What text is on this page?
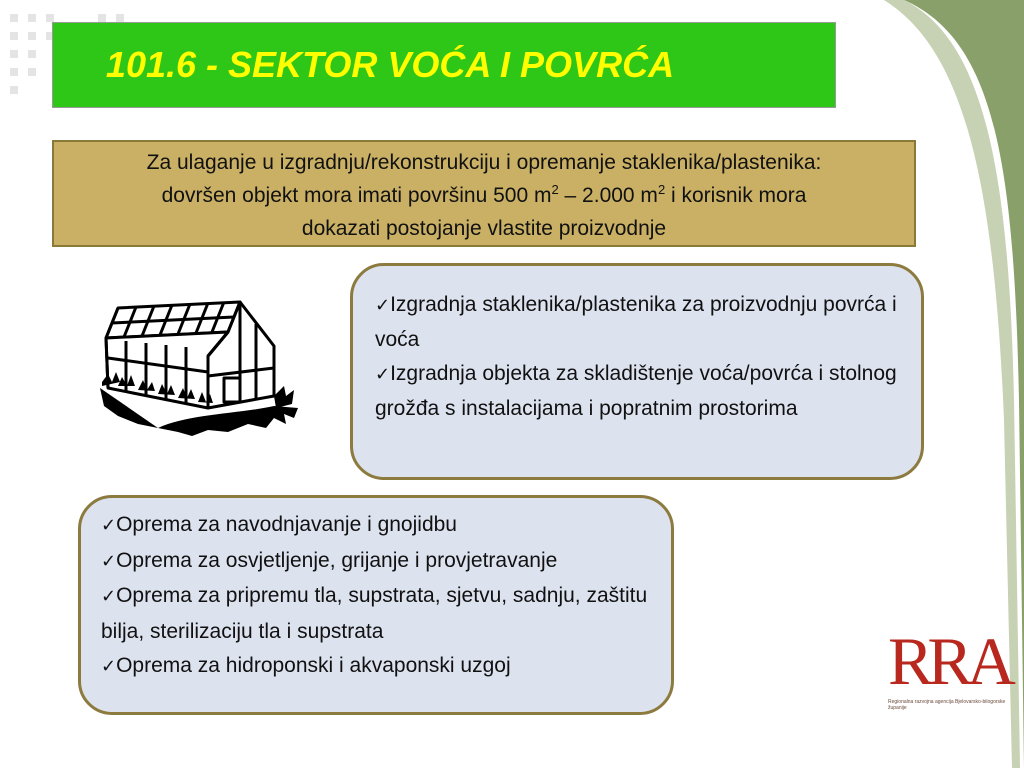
101.6 - SEKTOR VOĆA I POVRĆA
Za ulaganje u izgradnju/rekonstrukciju i opremanje staklenika/plastenika:
dovršen objekt mora imati površinu 500 $m^2 - 2.000$ $m^2$ i korisnik mora
dokazati postojanje vlastite proizvodnje
✓Izgradnja staklenika/plastenika za proizvodnju povrća i voća
✓Izgradnja objekta za skladištenje voća/povrća i stolnog grožđa s instalacijama i popratnim prostorima
✓Oprema za navodnjavanje i gnojidbu
✓Oprema za osvjetljenje, grijanje i provjetravanje
✓Oprema za pripremu tla, supstrata, sjetvu, sadnju, zaštitu bilja, sterilizaciju tla i supstrata
✓Oprema za hidroponski i akvaponski uzgoj	RRA
Regionalna razvojna agencija Bjelovarsko-bilogorske županije
